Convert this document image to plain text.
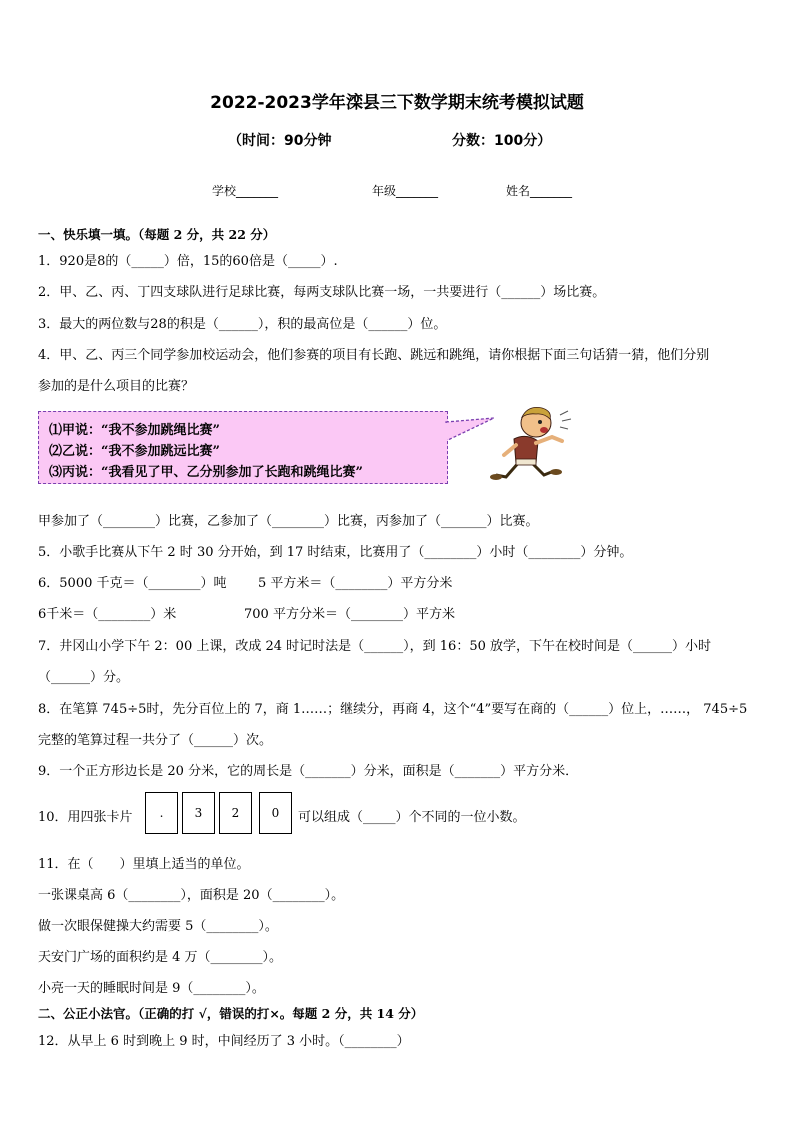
2022-2023学年滦县三下数学期末统考模拟试题
（时间：90分钟	分数：100分）
学校_______	年级_______	姓名_______
一、快乐填一填。（每题 2 分，共 22 分）
1．920是8的（_____）倍，15的60倍是（_____）.
2．甲、乙、丙、丁四支球队进行足球比赛，每两支球队比赛一场，一共要进行（______）场比赛。
3．最大的两位数与28的积是（______），积的最高位是（______）位。
4．甲、乙、丙三个同学参加校运动会，他们参赛的项目有长跑、跳远和跳绳，请你根据下面三句话猜一猜，他们分别
参加的是什么项目的比赛？
⑴甲说：“我不参加跳绳比赛”
⑵乙说：“我不参加跳远比赛”
⑶丙说：“我看见了甲、乙分别参加了长跑和跳绳比赛”
甲参加了（________）比赛，乙参加了（________）比赛，丙参加了（_______）比赛。
5．小歌手比赛从下午 2 时 30 分开始，到 17 时结束，比赛用了（________）小时（________）分钟。
6．5000 千克＝（________）吨 5 平方米＝（________）平方分米
6千米＝（________）米	700 平方分米＝（________）平方米
7．井冈山小学下午 2：00 上课，改成 24 时记时法是（______），到 16：50 放学，下午在校时间是（______）小时
（______）分。
8．在笔算 745÷5时，先分百位上的 7，商 1……；继续分，再商 4，这个“4”要写在商的（______）位上，……， 745÷5
完整的笔算过程一共分了（______）次。
9．一个正方形边长是 20 分米，它的周长是（_______）分米，面积是（_______）平方分米．
10．用四张卡片	.	3	2	0	可以组成（_____）个不同的一位小数。
11．在（　　）里填上适当的单位。
一张课桌高 6（________），面积是 20（________）。
做一次眼保健操大约需要 5（________）。
天安门广场的面积约是 4 万（________）。
小亮一天的睡眠时间是 9（________）。
二、公正小法官。（正确的打 √，错误的打×。每题 2 分，共 14 分）
12．从早上 6 时到晚上 9 时，中间经历了 3 小时。（________）
